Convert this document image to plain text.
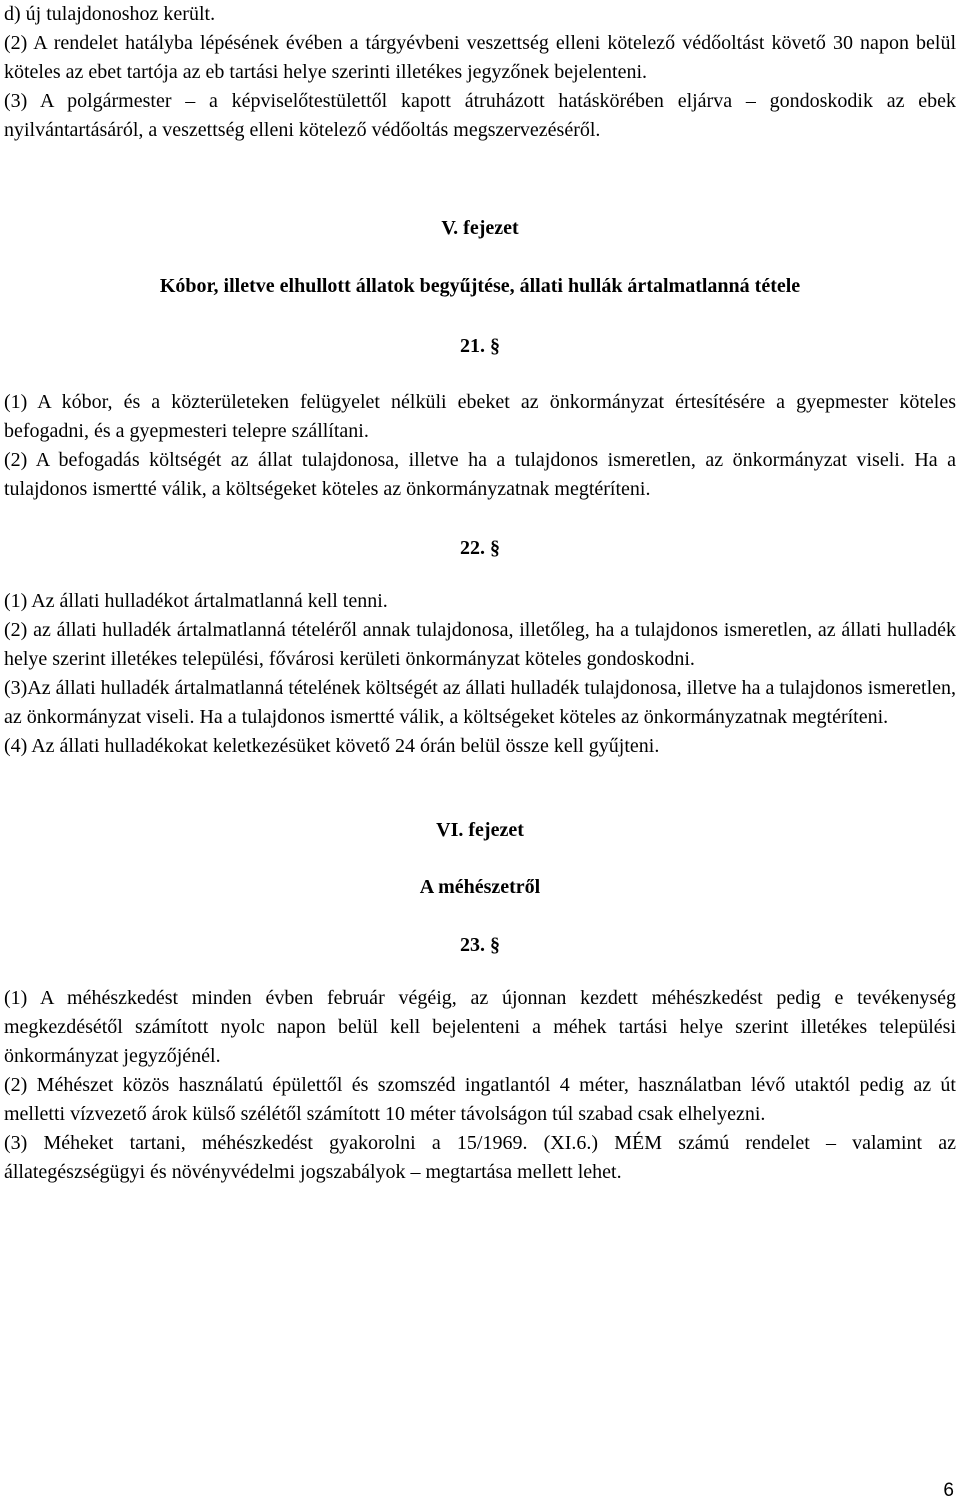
d) új tulajdonoshoz került.

(2) A rendelet hatályba lépésének évében a tárgyévbeni veszettség elleni kötelező védőoltást követő 30 napon belül köteles az ebet tartója az eb tartási helye szerinti illetékes jegyzőnek bejelenteni.

(3) A polgármester – a képviselőtestülettől kapott átruházott hatáskörében eljárva – gondoskodik az ebek nyilvántartásáról, a veszettség elleni kötelező védőoltás megszervezéséről.

V. fejezet

Kóbor, illetve elhullott állatok begyűjtése, állati hullák ártalmatlanná tétele

21. §

(1) A kóbor, és a közterületeken felügyelet nélküli ebeket az önkormányzat értesítésére a gyepmester köteles befogadni, és a gyepmesteri telepre szállítani.

(2) A befogadás költségét az állat tulajdonosa, illetve ha a tulajdonos ismeretlen, az önkormányzat viseli. Ha a tulajdonos ismertté válik, a költségeket köteles az önkormányzatnak megtéríteni.

22. §

(1) Az állati hulladékot ártalmatlanná kell tenni.

(2) az állati hulladék ártalmatlanná tételéről annak tulajdonosa, illetőleg, ha a tulajdonos ismeretlen, az állati hulladék helye szerint illetékes települési, fővárosi kerületi önkormányzat köteles gondoskodni.

(3)Az állati hulladék ártalmatlanná tételének költségét az állati hulladék tulajdonosa, illetve ha a tulajdonos ismeretlen, az önkormányzat viseli. Ha a tulajdonos ismertté válik, a költségeket köteles az önkormányzatnak megtéríteni.

(4) Az állati hulladékokat keletkezésüket követő 24 órán belül össze kell gyűjteni.

VI. fejezet

A méhészetről

23. §

(1) A méhészkedést minden évben február végéig, az újonnan kezdett méhészkedést pedig e tevékenység megkezdésétől számított nyolc napon belül kell bejelenteni a méhek tartási helye szerint illetékes települési önkormányzat jegyzőjénél.

(2) Méhészet közös használatú épülettől és szomszéd ingatlantól 4 méter, használatban lévő utaktól pedig az út melletti vízvezető árok külső szélétől számított 10 méter távolságon túl szabad csak elhelyezni.

(3) Méheket tartani, méhészkedést gyakorolni a 15/1969. (XI.6.) MÉM számú rendelet – valamint az állategészségügyi és növényvédelmi jogszabályok – megtartása mellett lehet.

6
